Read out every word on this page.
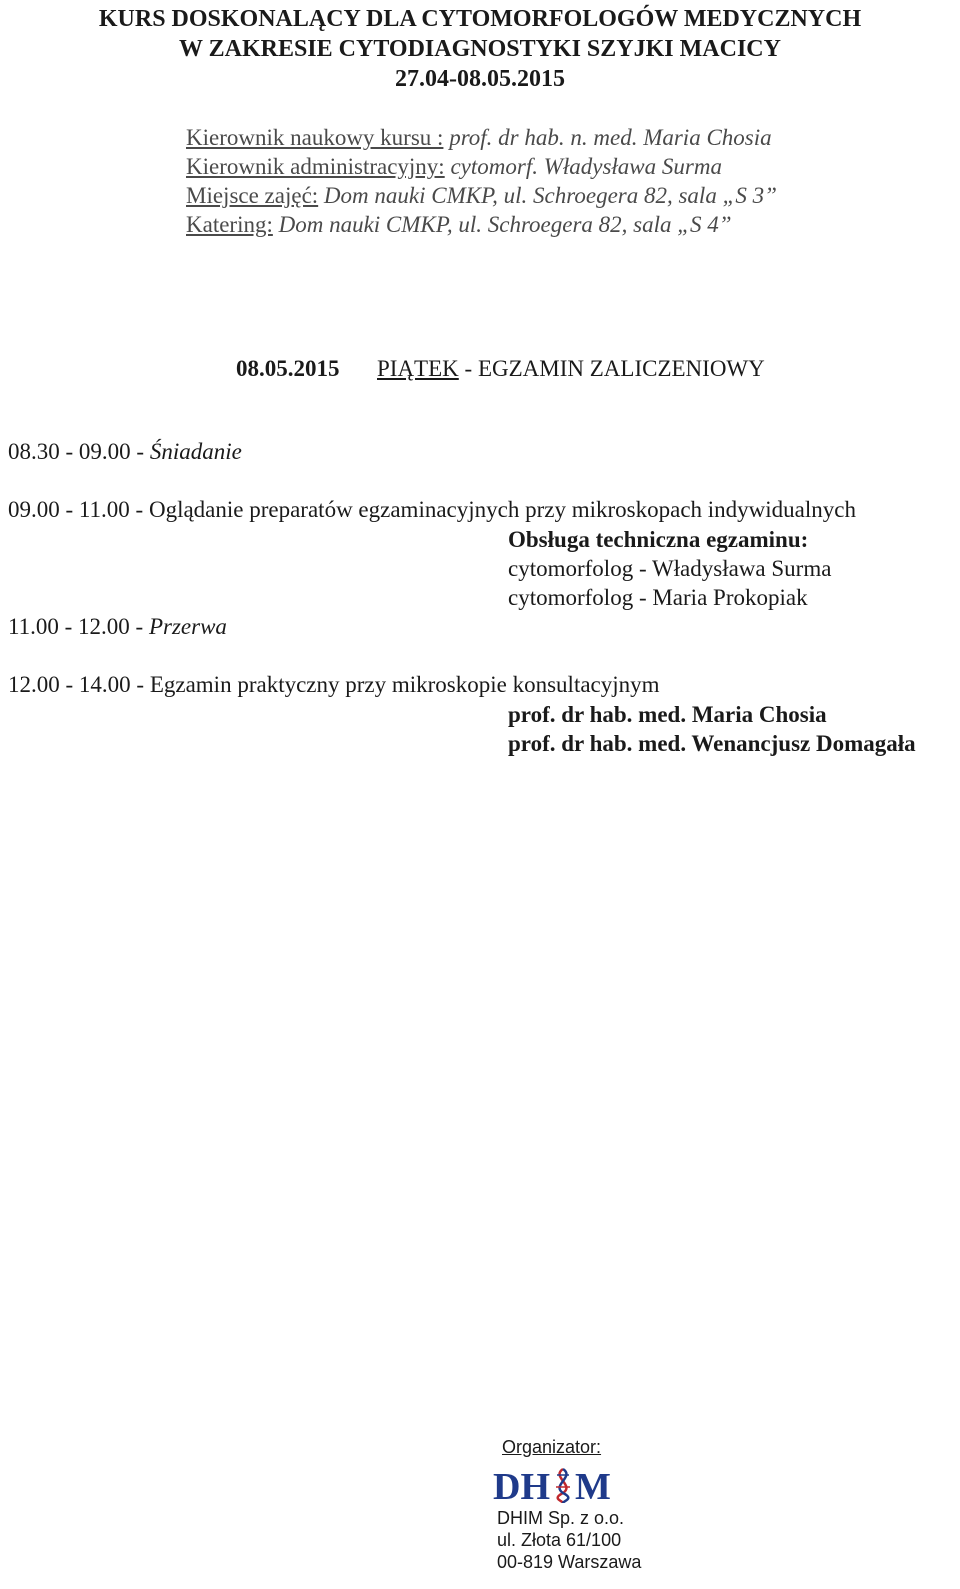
KURS DOSKONALĄCY DLA CYTOMORFOLOGÓW MEDYCZNYCH
W ZAKRESIE CYTODIAGNOSTYKI SZYJKI MACICY
27.04-08.05.2015
Kierownik naukowy kursu : prof. dr hab. n. med. Maria Chosia
Kierownik administracyjny: cytomorf. Władysława Surma
Miejsce zajęć: Dom nauki CMKP, ul. Schroegera 82, sala „S 3”
Katering: Dom nauki CMKP, ul. Schroegera 82, sala „S 4”
08.05.2015 PIĄTEK - EGZAMIN ZALICZENIOWY
08.30 - 09.00 - Śniadanie
09.00 - 11.00 - Oglądanie preparatów egzaminacyjnych przy mikroskopach indywidualnych
Obsługa techniczna egzaminu:
cytomorfolog - Władysława Surma
cytomorfolog - Maria Prokopiak
11.00 - 12.00 - Przerwa
12.00 - 14.00 - Egzamin praktyczny przy mikroskopie konsultacyjnym
prof. dr hab. med. Maria Chosia
prof. dr hab. med. Wenancjusz Domagała
Organizator:
DH M
DHIM Sp. z o.o.
ul. Złota 61/100
00-819 Warszawa
